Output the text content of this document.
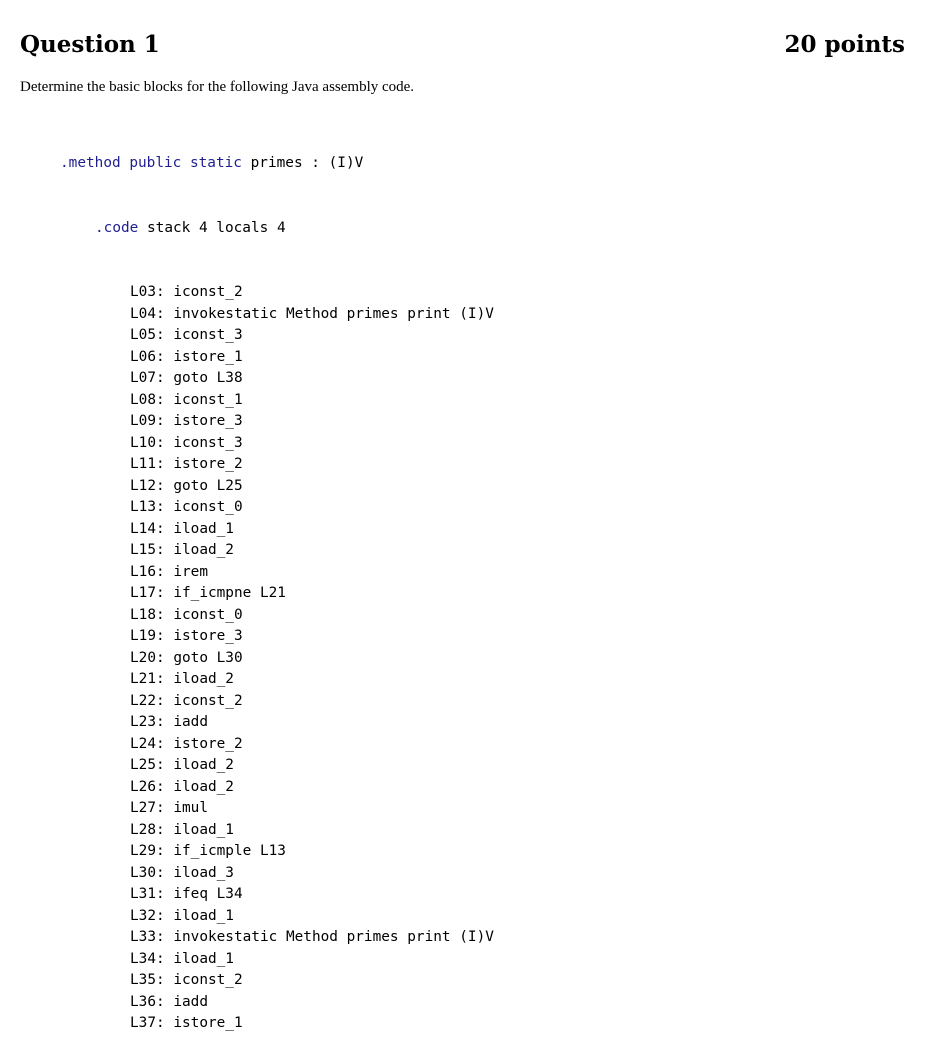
Question 1	20 points
Determine the basic blocks for the following Java assembly code.

.method public static primes : (I)V

.code stack 4 locals 4

L03: iconst_2
L04: invokestatic Method primes print (I)V
L05: iconst_3
L06: istore_1
L07: goto L38
L08: iconst_1
L09: istore_3
L10: iconst_3
L11: istore_2
L12: goto L25
L13: iconst_0
L14: iload_1
L15: iload_2
L16: irem
L17: if_icmpne L21
L18: iconst_0
L19: istore_3
L20: goto L30
L21: iload_2
L22: iconst_2
L23: iadd
L24: istore_2
L25: iload_2
L26: iload_2
L27: imul
L28: iload_1
L29: if_icmple L13
L30: iload_3
L31: ifeq L34
L32: iload_1
L33: invokestatic Method primes print (I)V
L34: iload_1
L35: iconst_2
L36: iadd
L37: istore_1
